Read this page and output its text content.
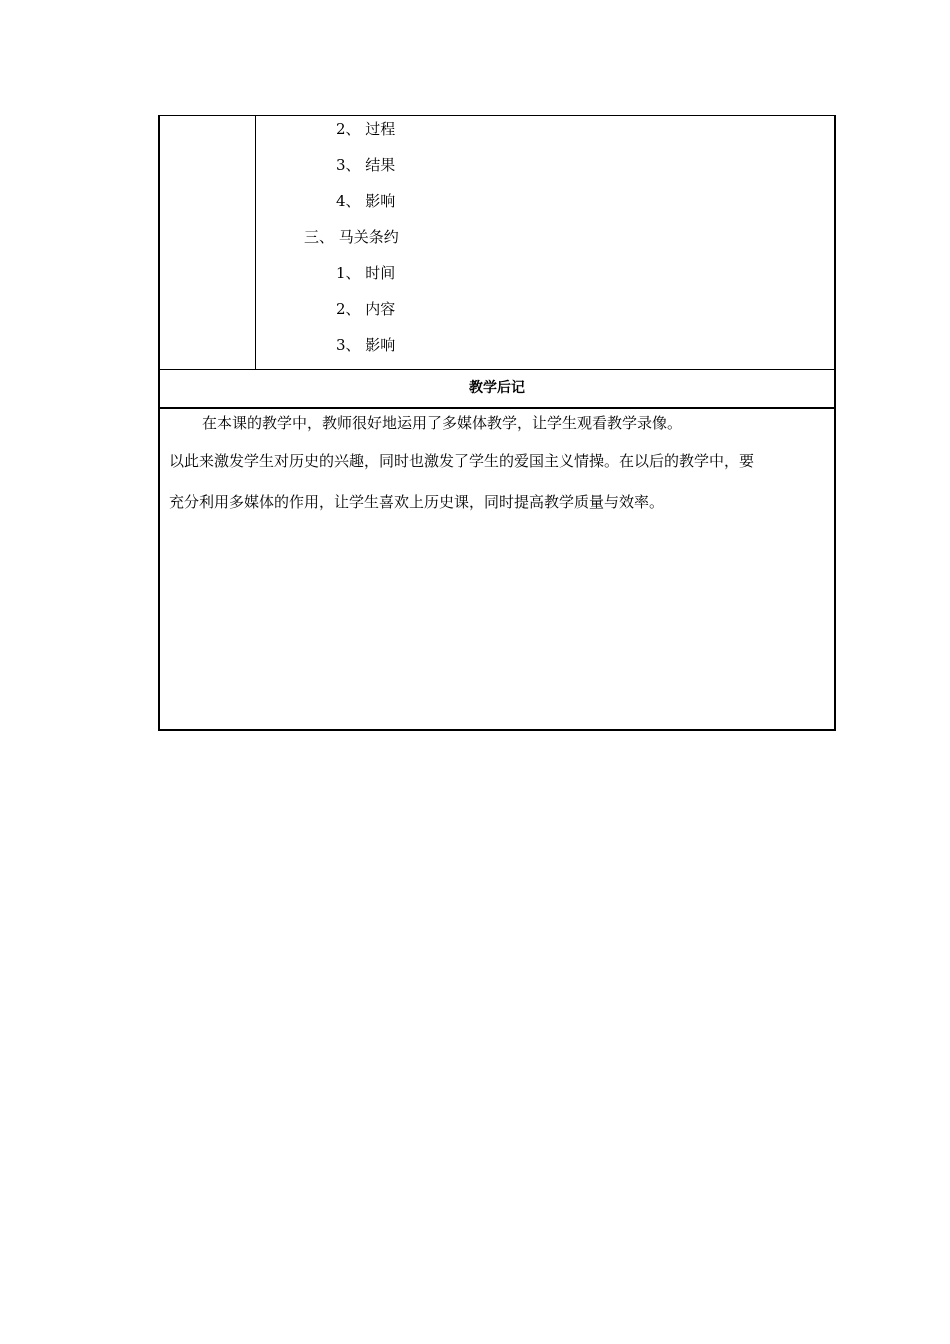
2、 过程
3、 结果
4、 影响
三、 马关条约
1、 时间
2、 内容
3、 影响
教学后记
在本课的教学中，教师很好地运用了多媒体教学，让学生观看教学录像。
以此来激发学生对历史的兴趣，同时也激发了学生的爱国主义情操。在以后的教学中，要
充分利用多媒体的作用，让学生喜欢上历史课，同时提高教学质量与效率。
